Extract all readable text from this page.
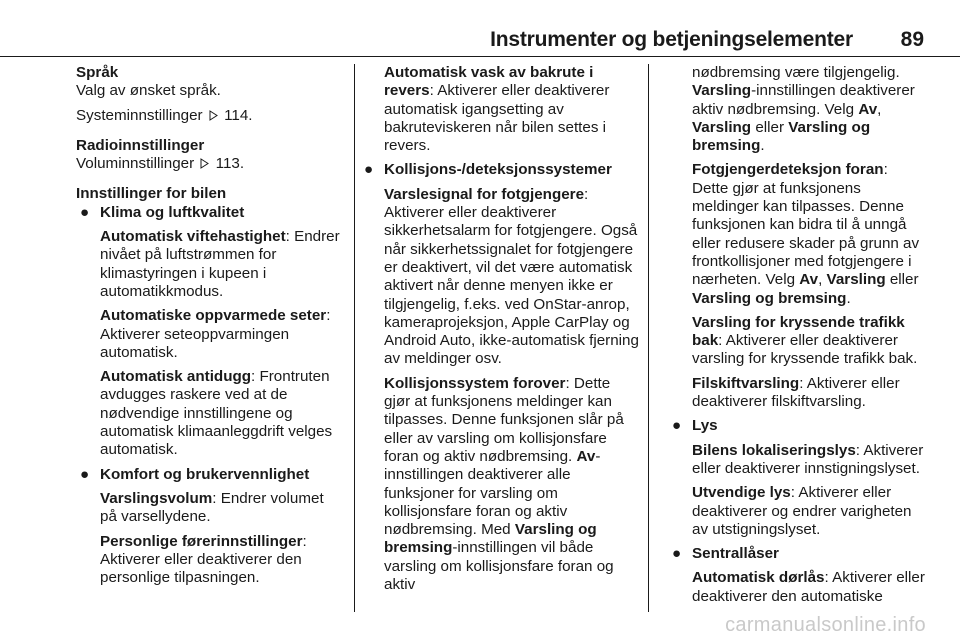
Instrumenter og betjeningselementer 89

Språk

Valg av ønsket språk.

Systeminnstillinger 114.

Radioinnstillinger

Voluminnstillinger 113.

Innstillinger for bilen

● Klima og luftkvalitet

Automatisk viftehastighet: Endrer nivået på luftstrømmen for klimastyringen i kupeen i automatikkmodus.

Automatiske oppvarmede seter: Aktiverer seteoppvarmingen automatisk.

Automatisk antidugg: Frontruten avdugges raskere ved at de nødvendige innstillingene og automatisk klimaanleggdrift velges automatisk.

● Komfort og brukervennlighet

Varslingsvolum: Endrer volumet på varsellydene.

Personlige førerinnstillinger: Aktiverer eller deaktiverer den personlige tilpasningen.

Automatisk vask av bakrute i revers: Aktiverer eller deaktiverer automatisk igangsetting av bakruteviskeren når bilen settes i revers.

● Kollisjons-/deteksjonssystemer

Varslesignal for fotgjengere: Aktiverer eller deaktiverer sikkerhetsalarm for fotgjengere. Også når sikkerhetssignalet for fotgjengere er deaktivert, vil det være automatisk aktivert når denne menyen ikke er tilgjengelig, f.eks. ved OnStar-anrop, kameraprojeksjon, Apple CarPlay og Android Auto, ikke-automatisk fjerning av meldinger osv.

Kollisjonssystem forover: Dette gjør at funksjonens meldinger kan tilpasses. Denne funksjonen slår på eller av varsling om kollisjonsfare foran og aktiv nødbremsing. Av-innstillingen deaktiverer alle funksjoner for varsling om kollisjonsfare foran og aktiv nødbremsing. Med Varsling og bremsing-innstillingen vil både varsling om kollisjonsfare foran og aktiv

nødbremsing være tilgjengelig. Varsling-innstillingen deaktiverer aktiv nødbremsing. Velg Av, Varsling eller Varsling og bremsing.

Fotgjengerdeteksjon foran: Dette gjør at funksjonens meldinger kan tilpasses. Denne funksjonen kan bidra til å unngå eller redusere skader på grunn av frontkollisjoner med fotgjengere i nærheten. Velg Av, Varsling eller Varsling og bremsing.

Varsling for kryssende trafikk bak: Aktiverer eller deaktiverer varsling for kryssende trafikk bak.

Filskiftvarsling: Aktiverer eller deaktiverer filskiftvarsling.

● Lys

Bilens lokaliseringslys: Aktiverer eller deaktiverer innstigningslyset.

Utvendige lys: Aktiverer eller deaktiverer og endrer varigheten av utstigningslyset.

● Sentrallåser

Automatisk dørlås: Aktiverer eller deaktiverer den automatiske

carmanualsonline.info
